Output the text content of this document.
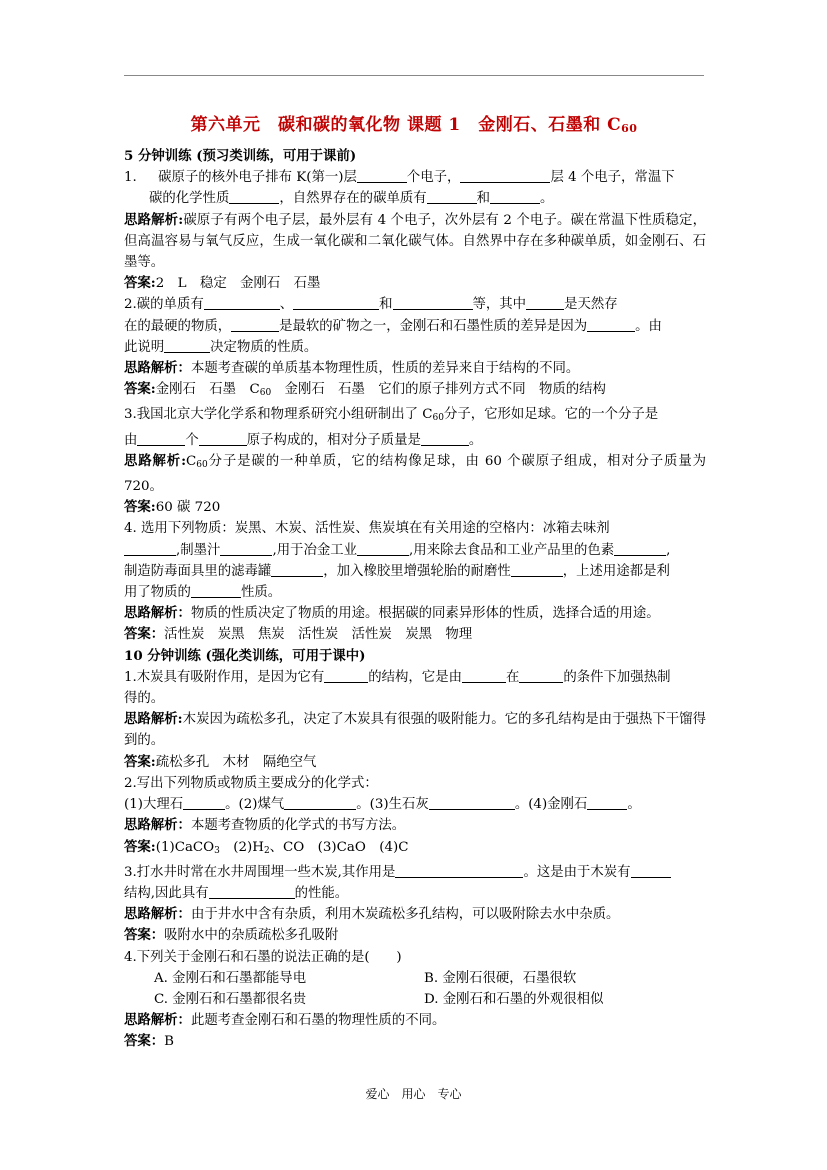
第六单元　碳和碳的氧化物 课题 1　金刚石、石墨和 $C_{60}$

5 分钟训练 (预习类训练，可用于课前)

1. 碳原子的核外电子排布 K(第一)层	个电子，	层 4 个电子，常温下

碳的化学性质	，自然界存在的碳单质有	和	。

思路解析:碳原子有两个电子层，最外层有 4 个电子，次外层有 2 个电子。碳在常温下性质稳定，但高温容易与氧气反应，生成一氧化碳和二氧化碳气体。自然界中存在多种碳单质，如金刚石、石墨等。

答案:2　L　稳定　金刚石　石墨

2.碳的单质有	、	和	等，其中	是天然存

在的最硬的物质，	是最软的矿物之一，金刚石和石墨性质的差异是因为	。由

此说明	决定物质的性质。

思路解析：本题考查碳的单质基本物理性质，性质的差异来自于结构的不同。

答案:金刚石　石墨　$C_{60}$　金刚石　石墨　它们的原子排列方式不同　物质的结构

3.我国北京大学化学系和物理系研究小组研制出了 $C_{60}$分子，它形如足球。它的一个分子是

由	个	原子构成的，相对分子质量是	。

思路解析$:C_{60}$分子是碳的一种单质，它的结构像足球，由 60 个碳原子组成，相对分子质量为 720。

答案:60 碳 720

4. 选用下列物质：炭黑、木炭、活性炭、焦炭填在有关用途的空格内：冰箱去味剂

,制墨汁	,用于冶金工业	,用来除去食品和工业产品里的色素	,

制造防毒面具里的滤毒罐	，加入橡胶里增强轮胎的耐磨性	，上述用途都是利

用了物质的	性质。

思路解析：物质的性质决定了物质的用途。根据碳的同素异形体的性质，选择合适的用途。

答案：活性炭　炭黑　焦炭　活性炭　活性炭　炭黑　物理

10 分钟训练 (强化类训练，可用于课中)

1.木炭具有吸附作用，是因为它有	的结构，它是由	在	的条件下加强热制

得的。

思路解析:木炭因为疏松多孔，决定了木炭具有很强的吸附能力。它的多孔结构是由于强热下干馏得到的。

答案:疏松多孔　木材　隔绝空气

2.写出下列物质或物质主要成分的化学式：

(1)大理石	。(2)煤气	。(3)生石灰	。(4)金刚石	。

思路解析：本题考查物质的化学式的书写方法。

答案:(1)CaCO$_3$　$(2)H_2$、CO　(3)CaO　(4)C

3.打水井时常在水井周围埋一些木炭,其作用是	。这是由于木炭有

结构,因此具有	的性能。

思路解析：由于井水中含有杂质，利用木炭疏松多孔结构，可以吸附除去水中杂质。

答案：吸附水中的杂质疏松多孔吸附

4.下列关于金刚石和石墨的说法正确的是(　　)

A. 金刚石和石墨都能导电	B. 金刚石很硬，石墨很软

C. 金刚石和石墨都很名贵	D. 金刚石和石墨的外观很相似

思路解析：此题考查金刚石和石墨的物理性质的不同。

答案：B

爱心　用心　专心
